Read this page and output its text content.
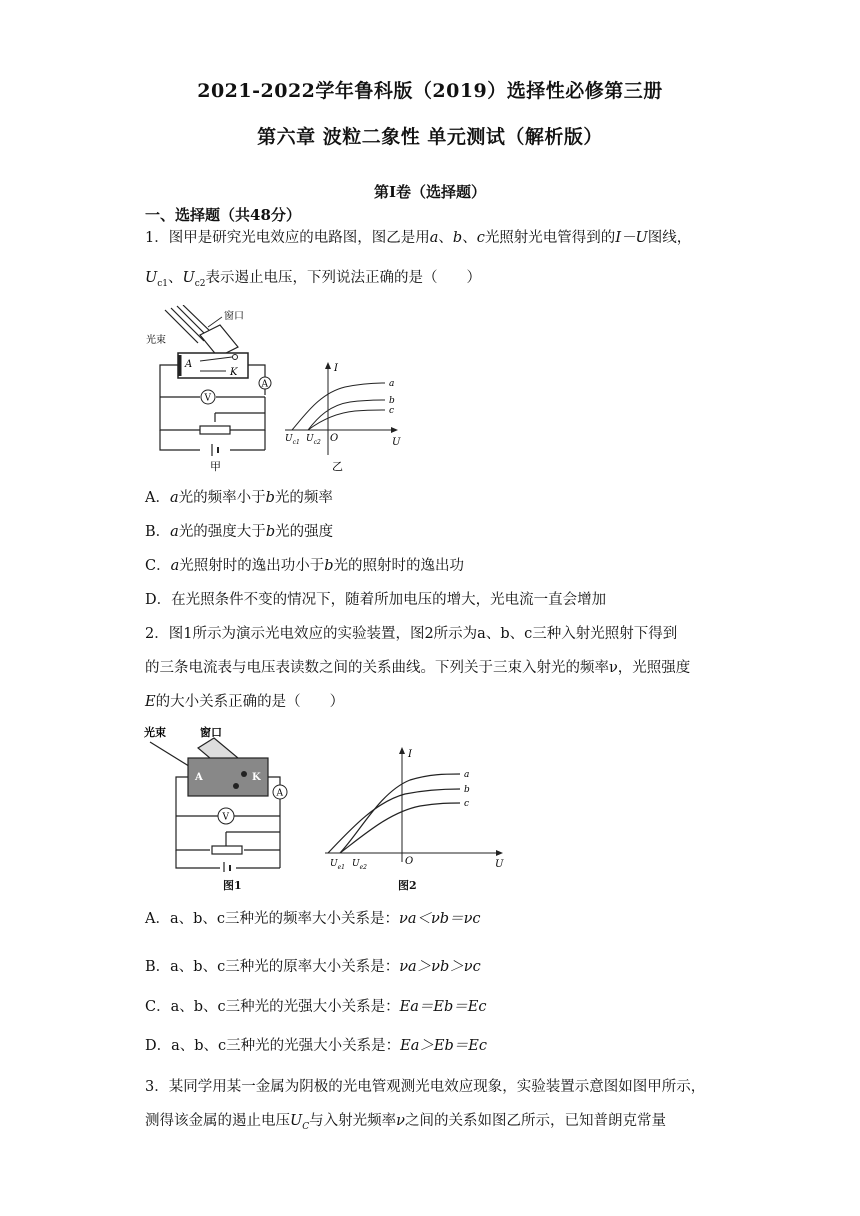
2021-2022学年鲁科版（2019）选择性必修第三册
第六章 波粒二象性 单元测试（解析版）
第Ⅰ卷（选择题）
一、选择题（共48分）
1．图甲是研究光电效应的电路图，图乙是用a、b、c光照射光电管得到的I－U图线，
$U_{c1}$、$U_{c2}$表示遏止电压，下列说法正确的是（　　）
光束
窗口
A
K
A
V
甲
I
U
O
a
b
c
$U_{c1}$ $U_{c2}$
乙
A．a光的频率小于b光的频率
B．a光的强度大于b光的强度
C．a光照射时的逸出功小于b光的照射时的逸出功
D．在光照条件不变的情况下，随着所加电压的增大，光电流一直会增加
2．图1所示为演示光电效应的实验装置，图2所示为a、b、c三种入射光照射下得到
的三条电流表与电压表读数之间的关系曲线。下列关于三束入射光的频率ν，光照强度
E的大小关系正确的是（　　）
光束	窗口
A	K
A
V
I
U
O
a
b
c
$U_{e1}$ $U_{e2}$
图1	图2
A．a、b、c三种光的频率大小关系是：νa＜νb＝νc
B．a、b、c三种光的原率大小关系是：νa＞νb＞νc
C．a、b、c三种光的光强大小关系是：Ea＝Eb＝Ec
D．a、b、c三种光的光强大小关系是：Ea＞Eb＝Ec
3．某同学用某一金属为阴极的光电管观测光电效应现象，实验装置示意图如图甲所示，
测得该金属的遏止电压$U_C$与入射光频率ν之间的关系如图乙所示，已知普朗克常量
